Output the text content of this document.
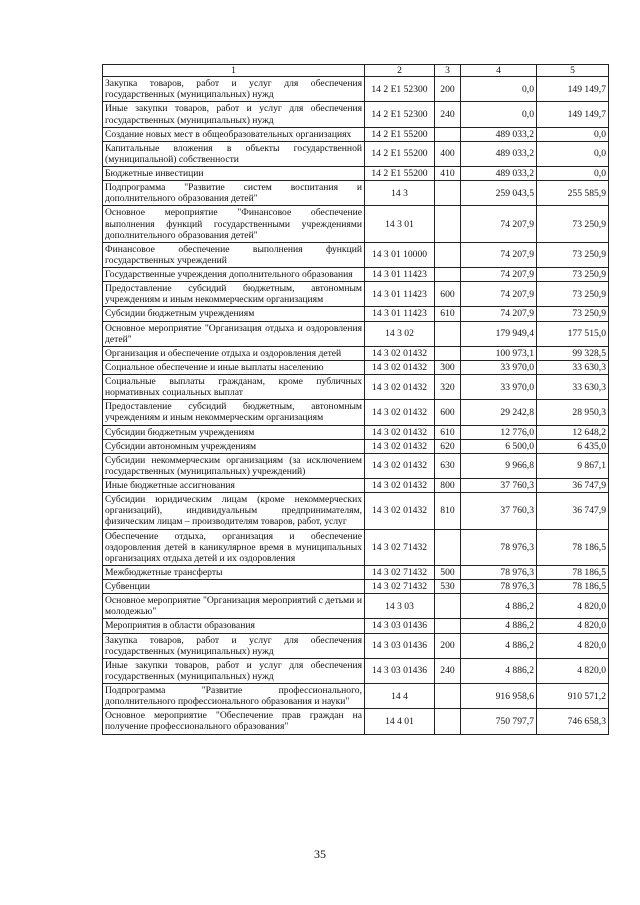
1	2	3	4	5
Закупка товаров, работ и услуг для обеспечения государственных (муниципальных) нужд	14 2 E1 52300	200	0,0	149 149,7
Иные закупки товаров, работ и услуг для обеспечения государственных (муниципальных) нужд	14 2 E1 52300	240	0,0	149 149,7
Создание новых мест в общеобразовательных организациях	14 2 E1 55200		489 033,2	0,0
Капитальные вложения в объекты государственной (муниципальной) собственности	14 2 E1 55200	400	489 033,2	0,0
Бюджетные инвестиции	14 2 E1 55200	410	489 033,2	0,0
Подпрограмма "Развитие систем воспитания и дополнительного образования детей"	14 3		259 043,5	255 585,9
Основное мероприятие "Финансовое обеспечение выполнения функций государственными учреждениями дополнительного образования детей"	14 3 01		74 207,9	73 250,9
Финансовое обеспечение выполнения функций государственных учреждений	14 3 01 10000		74 207,9	73 250,9
Государственные учреждения дополнительного образования	14 3 01 11423		74 207,9	73 250,9
Предоставление субсидий бюджетным, автономным учреждениям и иным некоммерческим организациям	14 3 01 11423	600	74 207,9	73 250,9
Субсидии бюджетным учреждениям	14 3 01 11423	610	74 207,9	73 250,9
Основное мероприятие "Организация отдыха и оздоровления детей"	14 3 02		179 949,4	177 515,0
Организация и обеспечение отдыха и оздоровления детей	14 3 02 01432		100 973,1	99 328,5
Социальное обеспечение и иные выплаты населению	14 3 02 01432	300	33 970,0	33 630,3
Социальные выплаты гражданам, кроме публичных нормативных социальных выплат	14 3 02 01432	320	33 970,0	33 630,3
Предоставление субсидий бюджетным, автономным учреждениям и иным некоммерческим организациям	14 3 02 01432	600	29 242,8	28 950,3
Субсидии бюджетным учреждениям	14 3 02 01432	610	12 776,0	12 648,2
Субсидии автономным учреждениям	14 3 02 01432	620	6 500,0	6 435,0
Субсидии некоммерческим организациям (за исключением государственных (муниципальных) учреждений)	14 3 02 01432	630	9 966,8	9 867,1
Иные бюджетные ассигнования	14 3 02 01432	800	37 760,3	36 747,9
Субсидии юридическим лицам (кроме некоммерческих организаций), индивидуальным предпринимателям, физическим лицам – производителям товаров, работ, услуг	14 3 02 01432	810	37 760,3	36 747,9
Обеспечение отдыха, организация и обеспечение оздоровления детей в каникулярное время в муниципальных организациях отдыха детей и их оздоровления	14 3 02 71432		78 976,3	78 186,5
Межбюджетные трансферты	14 3 02 71432	500	78 976,3	78 186,5
Субвенции	14 3 02 71432	530	78 976,3	78 186,5
Основное мероприятие "Организация мероприятий с детьми и молодежью"	14 3 03		4 886,2	4 820,0
Мероприятия в области образования	14 3 03 01436		4 886,2	4 820,0
Закупка товаров, работ и услуг для обеспечения государственных (муниципальных) нужд	14 3 03 01436	200	4 886,2	4 820,0
Иные закупки товаров, работ и услуг для обеспечения государственных (муниципальных) нужд	14 3 03 01436	240	4 886,2	4 820,0
Подпрограмма "Развитие профессионального, дополнительного профессионального образования и науки"	14 4		916 958,6	910 571,2
Основное мероприятие "Обеспечение прав граждан на получение профессионального образования"	14 4 01		750 797,7	746 658,3
35
